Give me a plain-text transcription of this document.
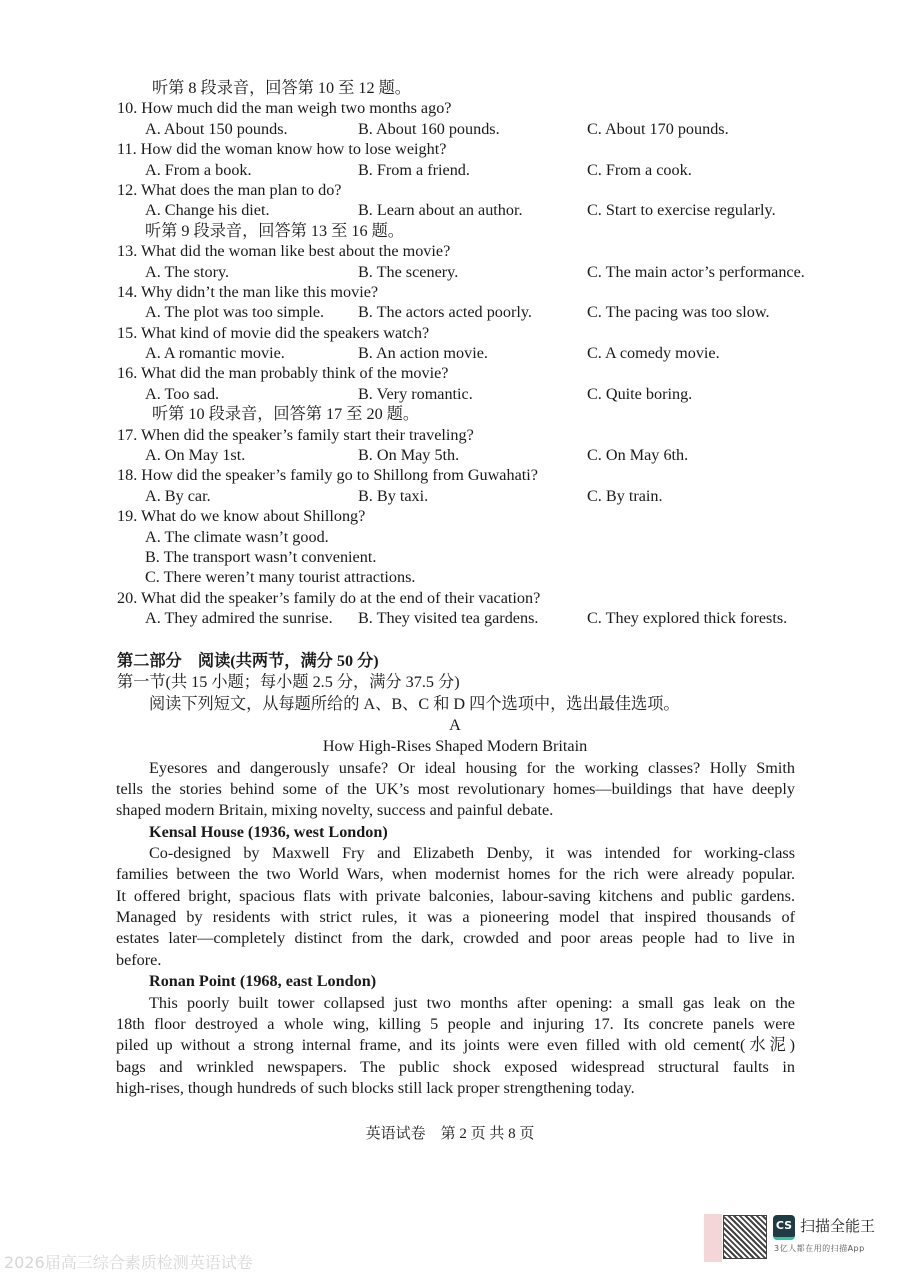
听第 8 段录音，回答第 10 至 12 题。
10. How much did the man weigh two months ago?
A. About 150 pounds.	B. About 160 pounds.	C. About 170 pounds.
11. How did the woman know how to lose weight?
A. From a book.	B. From a friend.	C. From a cook.
12. What does the man plan to do?
A. Change his diet.	B. Learn about an author.	C. Start to exercise regularly.
听第 9 段录音，回答第 13 至 16 题。
13. What did the woman like best about the movie?
A. The story.	B. The scenery.	C. The main actor’s performance.
14. Why didn’t the man like this movie?
A. The plot was too simple. B. The actors acted poorly.	C. The pacing was too slow.
15. What kind of movie did the speakers watch?
A. A romantic movie.	B. An action movie.	C. A comedy movie.
16. What did the man probably think of the movie?
A. Too sad.	B. Very romantic.	C. Quite boring.
听第 10 段录音，回答第 17 至 20 题。
17. When did the speaker’s family start their traveling?
A. On May 1st.	B. On May 5th.	C. On May 6th.
18. How did the speaker’s family go to Shillong from Guwahati?
A. By car.	B. By taxi.	C. By train.
19. What do we know about Shillong?
A. The climate wasn’t good.
B. The transport wasn’t convenient.
C. There weren’t many tourist attractions.
20. What did the speaker’s family do at the end of their vacation?
A. They admired the sunrise. B. They visited tea gardens.	C. They explored thick forests.
第二部分　阅读(共两节，满分 50 分)
第一节(共 15 小题；每小题 2.5 分，满分 37.5 分)
阅读下列短文，从每题所给的 A、B、C 和 D 四个选项中，选出最佳选项。
A
How High-Rises Shaped Modern Britain
Eyesores and dangerously unsafe? Or ideal housing for the working classes? Holly Smith
tells the stories behind some of the UK’s most revolutionary homes—buildings that have deeply
shaped modern Britain, mixing novelty, success and painful debate.
Kensal House (1936, west London)
Co-designed by Maxwell Fry and Elizabeth Denby, it was intended for working-class
families between the two World Wars, when modernist homes for the rich were already popular.
It offered bright, spacious flats with private balconies, labour-saving kitchens and public gardens.
Managed by residents with strict rules, it was a pioneering model that inspired thousands of
estates later—completely distinct from the dark, crowded and poor areas people had to live in
before.
Ronan Point (1968, east London)
This poorly built tower collapsed just two months after opening: a small gas leak on the
18th floor destroyed a whole wing, killing 5 people and injuring 17. Its concrete panels were
piled up without a strong internal frame, and its joints were even filled with old cement(水泥)
bags and wrinkled newspapers. The public shock exposed widespread structural faults in
high-rises, though hundreds of such blocks still lack proper strengthening today.
英语试卷　第 2 页 共 8 页
2026届高三综合素质检测英语试卷
CS 扫描全能王
3亿人都在用的扫描App
